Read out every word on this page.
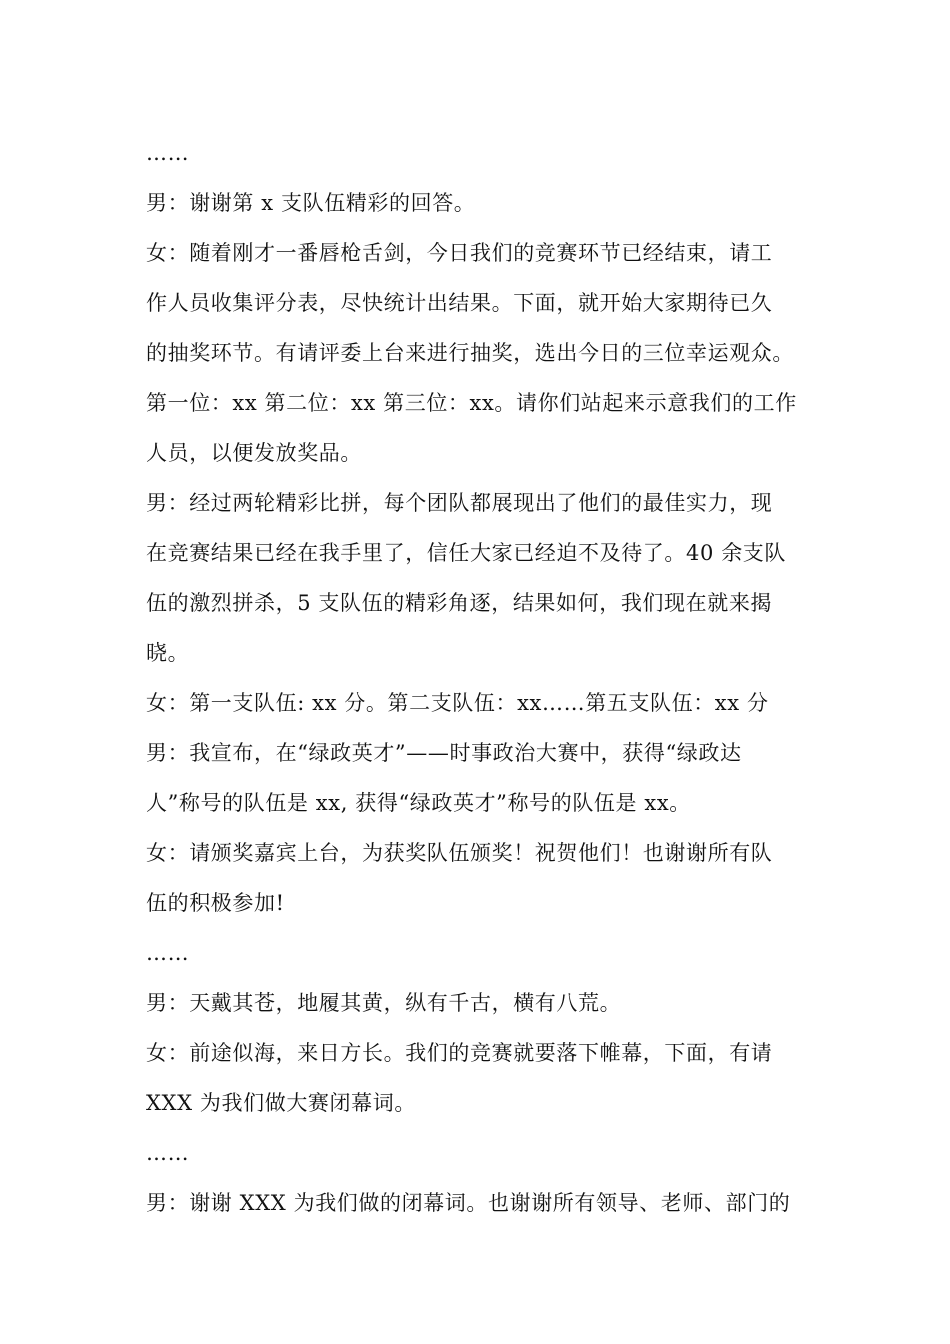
……
男：谢谢第 x 支队伍精彩的回答。
女：随着刚才一番唇枪舌剑，今日我们的竞赛环节已经结束，请工
作人员收集评分表，尽快统计出结果。下面，就开始大家期待已久
的抽奖环节。有请评委上台来进行抽奖，选出今日的三位幸运观众。
第一位：xx 第二位：xx 第三位：xx。请你们站起来示意我们的工作
人员，以便发放奖品。
男：经过两轮精彩比拼，每个团队都展现出了他们的最佳实力，现
在竞赛结果已经在我手里了，信任大家已经迫不及待了。40 余支队
伍的激烈拼杀，5 支队伍的精彩角逐，结果如何，我们现在就来揭
晓。
女：第一支队伍: xx 分。第二支队伍：xx……第五支队伍：xx 分
男：我宣布，在“绿政英才”——时事政治大赛中，获得“绿政达
人”称号的队伍是 xx, 获得“绿政英才”称号的队伍是 xx。
女：请颁奖嘉宾上台，为获奖队伍颁奖！祝贺他们！也谢谢所有队
伍的积极参加!
……
男：天戴其苍，地履其黄，纵有千古，横有八荒。
女：前途似海，来日方长。我们的竞赛就要落下帷幕，下面，有请
XXX 为我们做大赛闭幕词。
……
男：谢谢 XXX 为我们做的闭幕词。也谢谢所有领导、老师、部门的
